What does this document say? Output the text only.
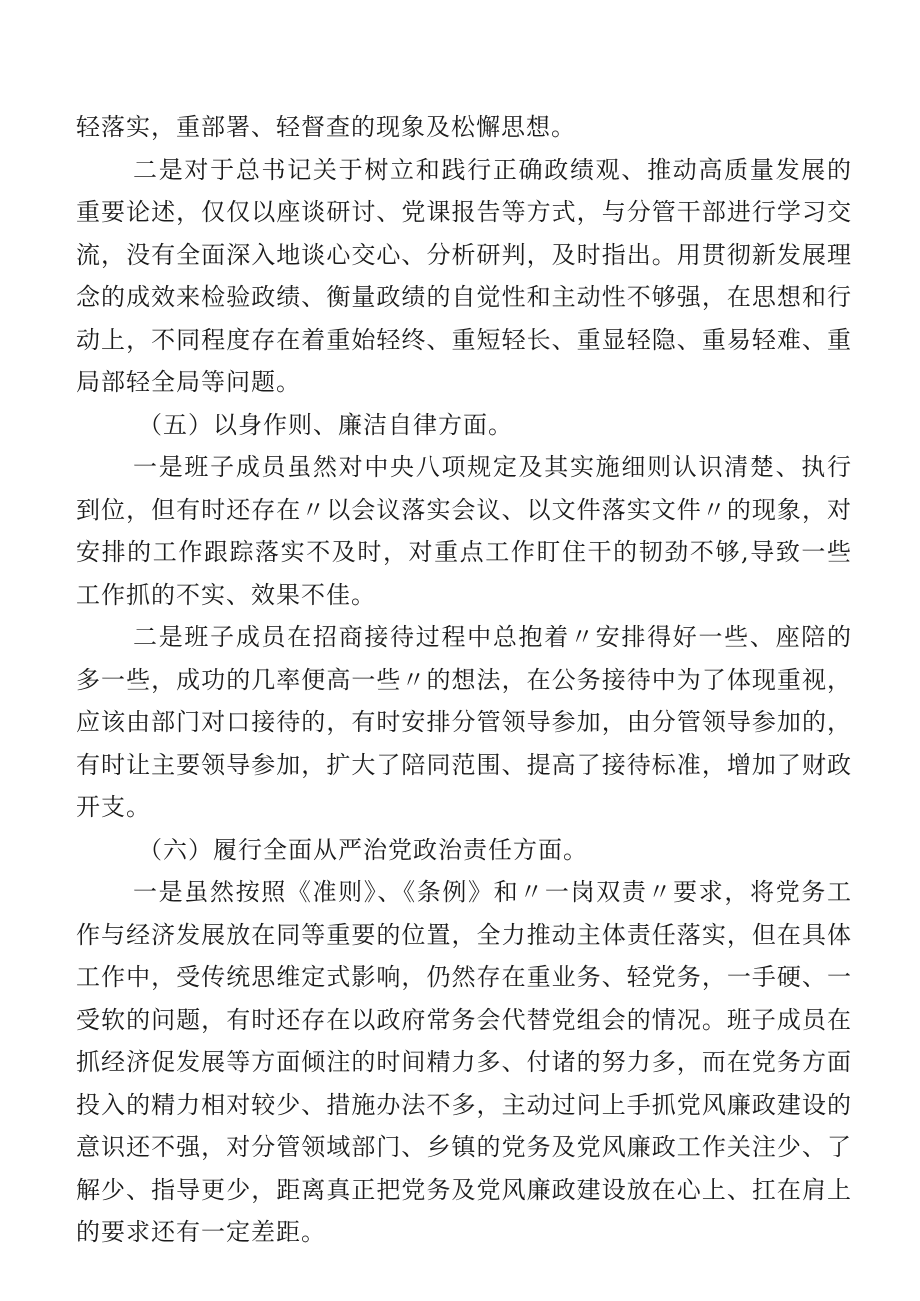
轻落实，重部署、轻督查的现象及松懈思想。

二是对于总书记关于树立和践行正确政绩观、推动高质量发展的重要论述，仅仅以座谈研讨、党课报告等方式，与分管干部进行学习交流，没有全面深入地谈心交心、分析研判，及时指出。用贯彻新发展理念的成效来检验政绩、衡量政绩的自觉性和主动性不够强，在思想和行动上，不同程度存在着重始轻终、重短轻长、重显轻隐、重易轻难、重局部轻全局等问题。

（五）以身作则、廉洁自律方面。

一是班子成员虽然对中央八项规定及其实施细则认识清楚、执行到位，但有时还存在〃以会议落实会议、以文件落实文件〃的现象，对安排的工作跟踪落实不及时，对重点工作盯住干的韧劲不够,导致一些工作抓的不实、效果不佳。

二是班子成员在招商接待过程中总抱着〃安排得好一些、座陪的多一些，成功的几率便高一些〃的想法，在公务接待中为了体现重视，应该由部门对口接待的，有时安排分管领导参加，由分管领导参加的，有时让主要领导参加，扩大了陪同范围、提高了接待标准，增加了财政开支。

（六）履行全面从严治党政治责任方面。

一是虽然按照《准则》、《条例》和〃一岗双责〃要求，将党务工作与经济发展放在同等重要的位置，全力推动主体责任落实，但在具体工作中，受传统思维定式影响，仍然存在重业务、轻党务，一手硬、一受软的问题，有时还存在以政府常务会代替党组会的情况。班子成员在抓经济促发展等方面倾注的时间精力多、付诸的努力多，而在党务方面投入的精力相对较少、措施办法不多，主动过问上手抓党风廉政建设的意识还不强，对分管领域部门、乡镇的党务及党风廉政工作关注少、了解少、指导更少，距离真正把党务及党风廉政建设放在心上、扛在肩上的要求还有一定差距。
